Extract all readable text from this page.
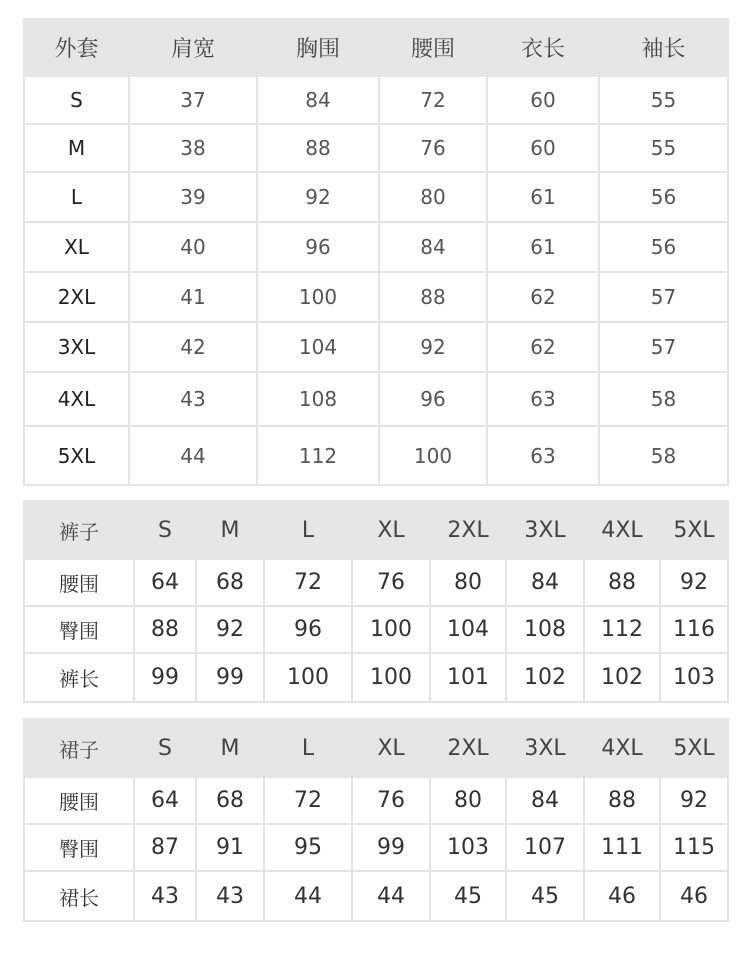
外套	肩宽	胸围	腰围	衣长	袖长
S	37	84	72	60	55
M	38	88	76	60	55
L	39	92	80	61	56
XL	40	96	84	61	56
2XL	41	100	88	62	57
3XL	42	104	92	62	57
4XL	43	108	96	63	58
5XL	44	112	100	63	58
裤子	S	M	L	XL	2XL	3XL	4XL	5XL
腰围	64	68	72	76	80	84	88	92
臀围	88	92	96	100	104	108	112	116
裤长	99	99	100	100	101	102	102	103
裙子	S	M	L	XL	2XL	3XL	4XL	5XL
腰围	64	68	72	76	80	84	88	92
臀围	87	91	95	99	103	107	111	115
裙长	43	43	44	44	45	45	46	46
